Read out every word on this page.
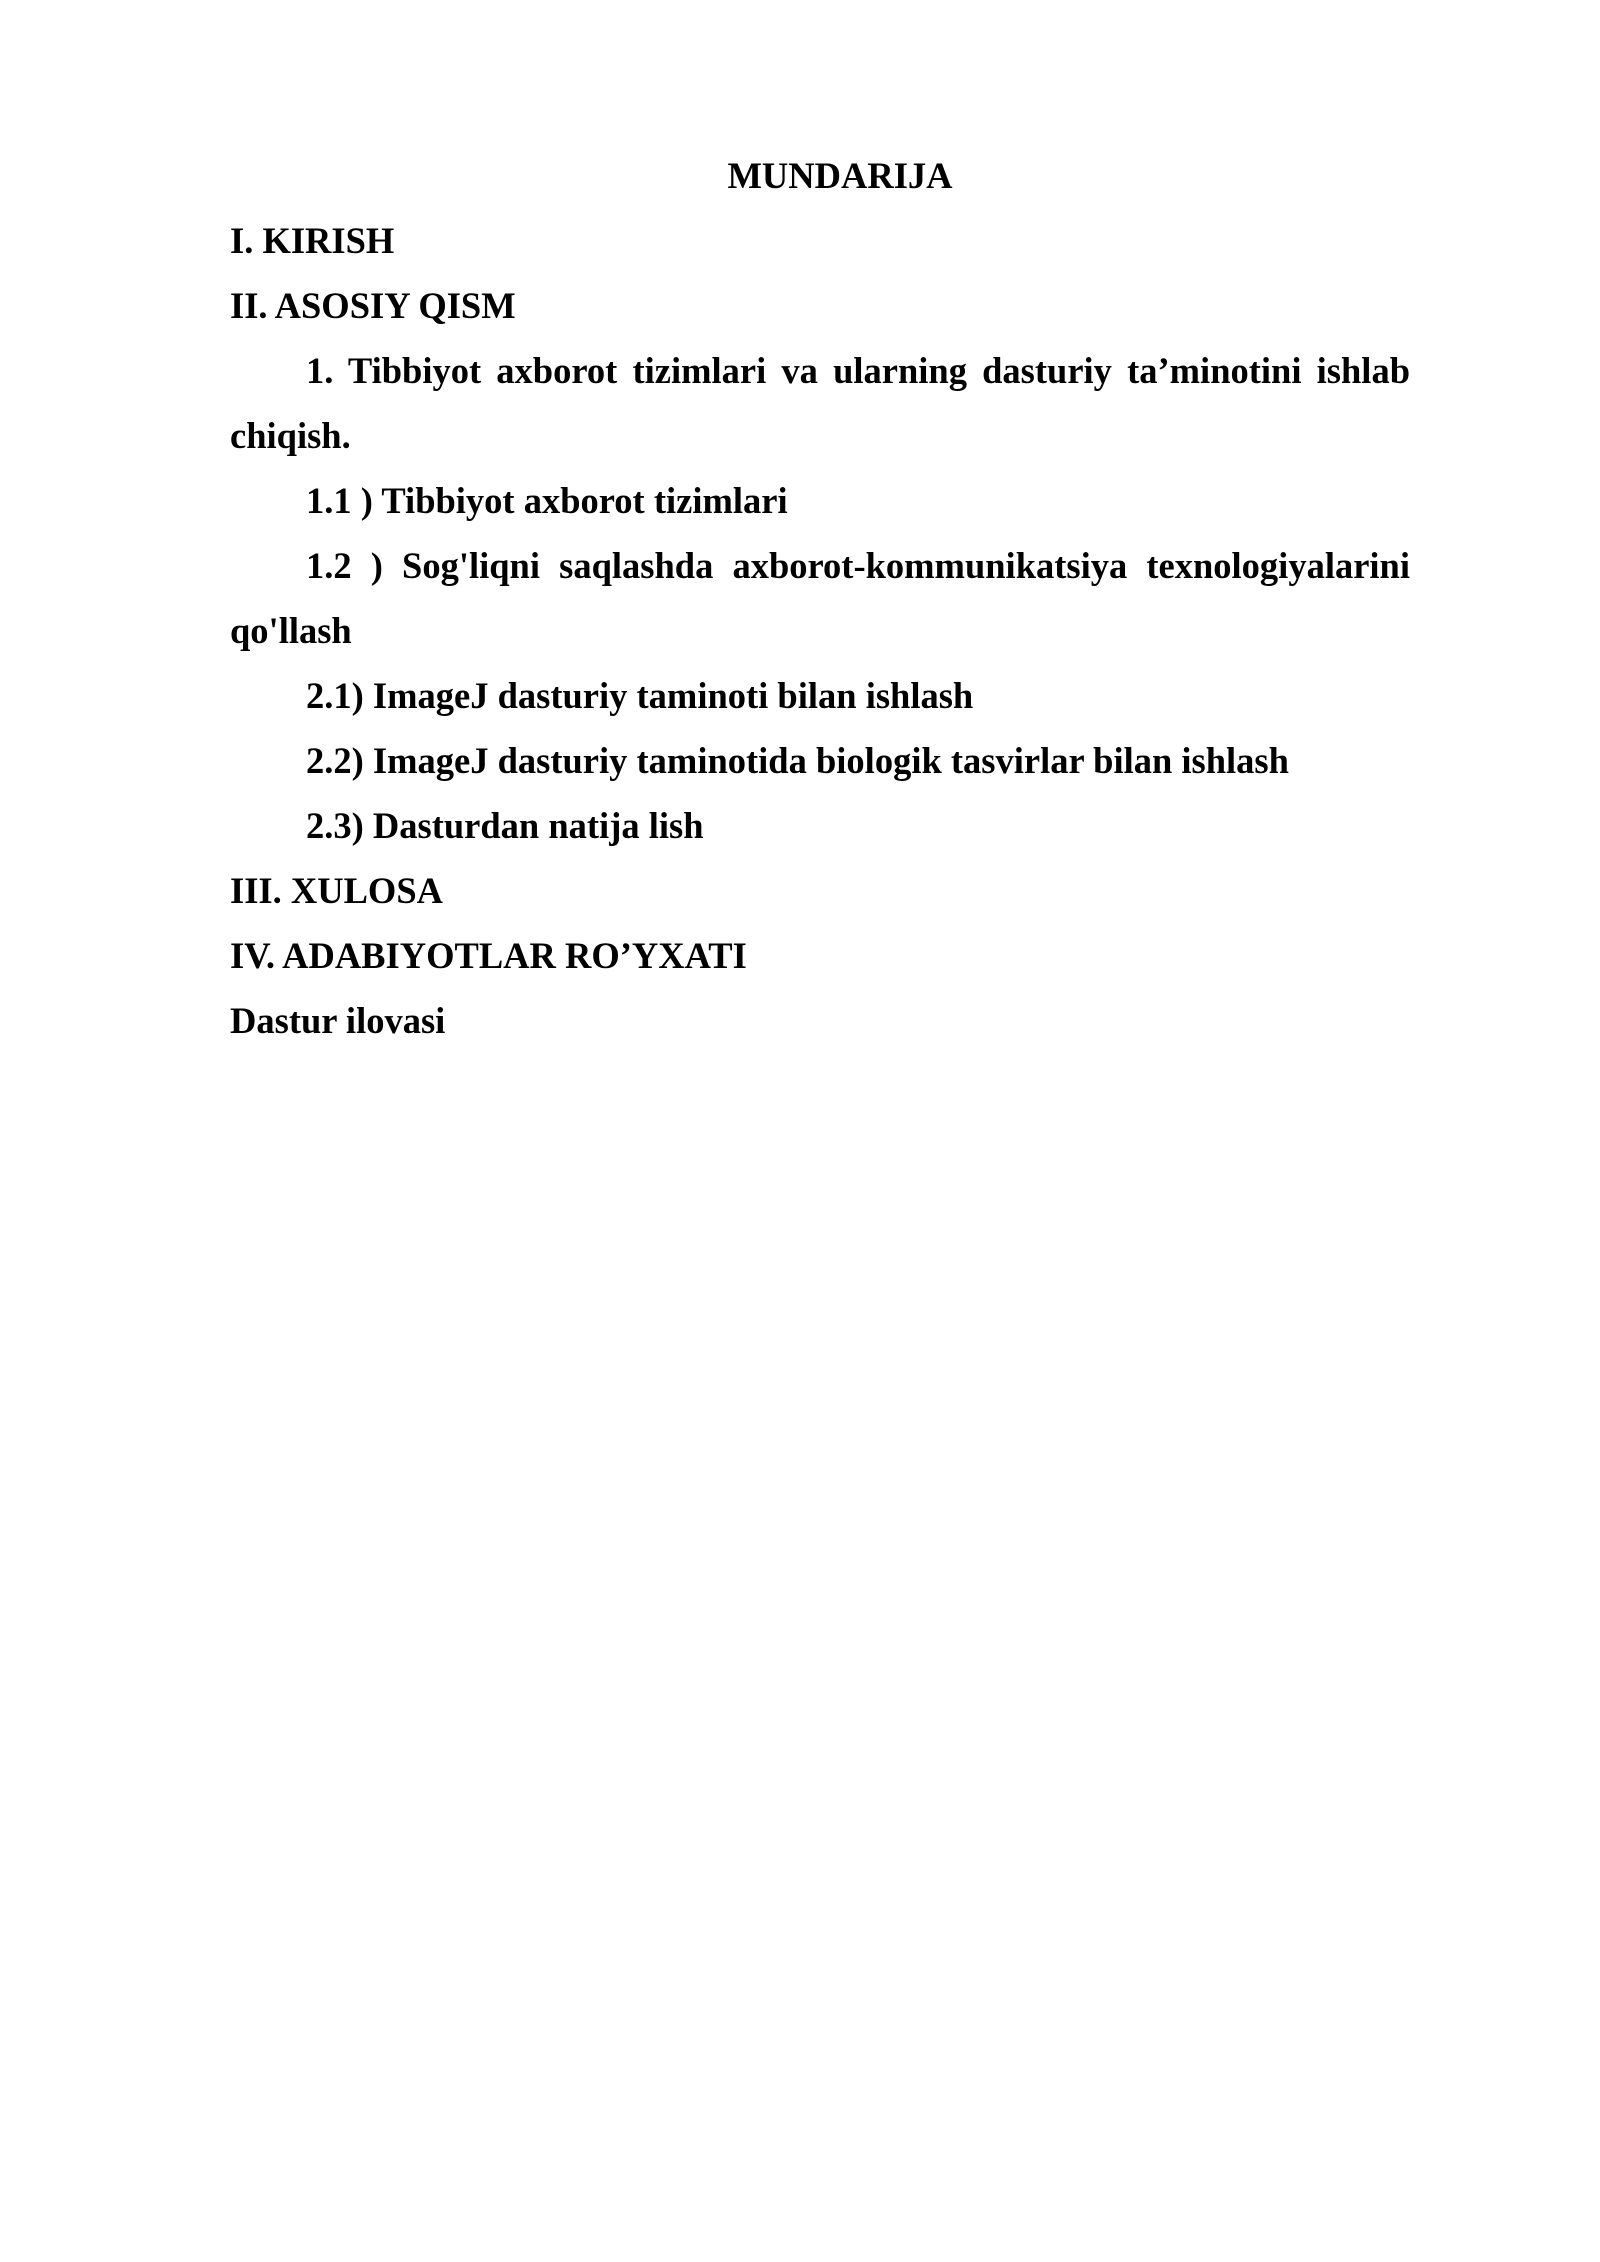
MUNDARIJA
I. KIRISH
II. ASOSIY QISM
1. Tibbiyot axborot tizimlari va ularning dasturiy ta’minotini ishlab
chiqish.
1.1 ) Tibbiyot axborot tizimlari
1.2 ) Sog'liqni saqlashda axborot-kommunikatsiya texnologiyalarini
qo'llash
2.1) ImageJ dasturiy taminoti bilan ishlash
2.2) ImageJ dasturiy taminotida biologik tasvirlar bilan ishlash
2.3) Dasturdan natija lish
III. XULOSA
IV. ADABIYOTLAR RO’YXATI
Dastur ilovasi
